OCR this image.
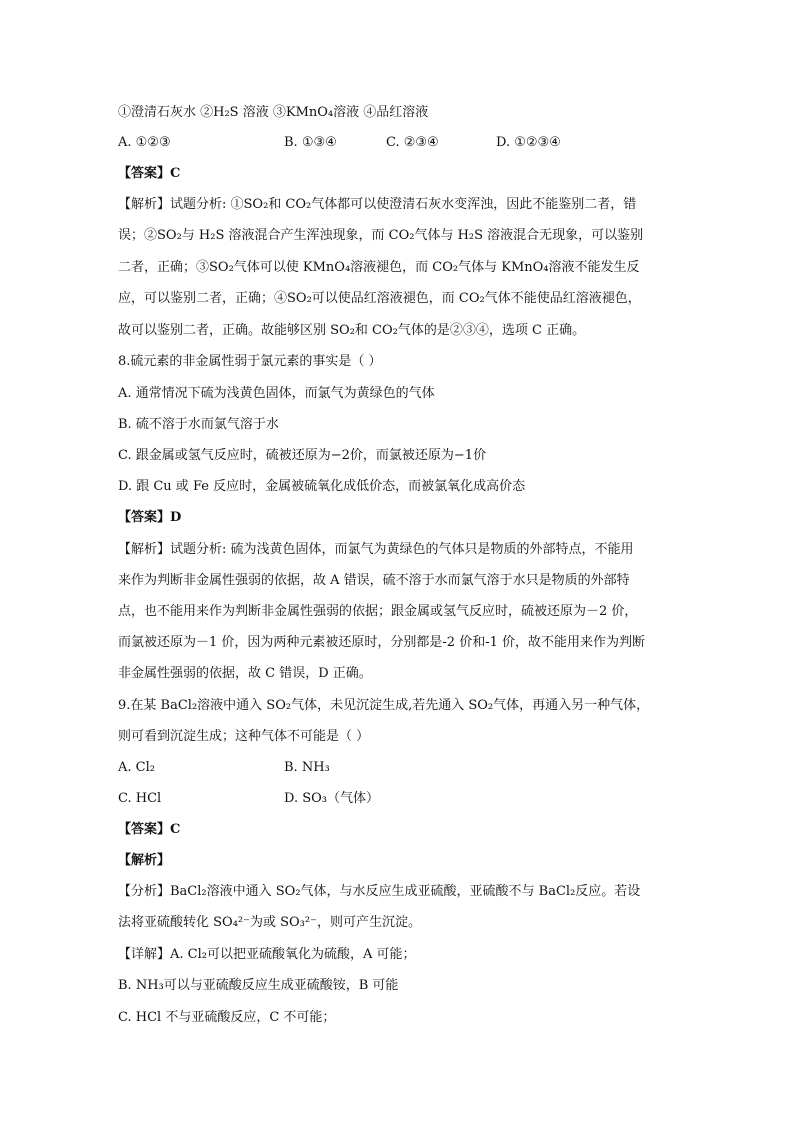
①澄清石灰水 ②H₂S 溶液 ③KMnO₄溶液 ④品红溶液
A. ①②③	B. ①③④	C. ②③④	D. ①②③④
【答案】C
【解析】试题分析: ①SO₂和 CO₂气体都可以使澄清石灰水变浑浊，因此不能鉴别二者，错
误；②SO₂与 H₂S 溶液混合产生浑浊现象，而 CO₂气体与 H₂S 溶液混合无现象，可以鉴别
二者，正确；③SO₂气体可以使 KMnO₄溶液褪色，而 CO₂气体与 KMnO₄溶液不能发生反
应，可以鉴别二者，正确；④SO₂可以使品红溶液褪色，而 CO₂气体不能使品红溶液褪色，
故可以鉴别二者，正确。故能够区别 SO₂和 CO₂气体的是②③④，选项 C 正确。
8.硫元素的非金属性弱于氯元素的事实是（ ）
A. 通常情况下硫为浅黄色固体，而氯气为黄绿色的气体
B. 硫不溶于水而氯气溶于水
C. 跟金属或氢气反应时，硫被还原为−2价，而氯被还原为−1价
D. 跟 Cu 或 Fe 反应时，金属被硫氧化成低价态，而被氯氧化成高价态
【答案】D
【解析】试题分析: 硫为浅黄色固体，而氯气为黄绿色的气体只是物质的外部特点，不能用
来作为判断非金属性强弱的依据，故 A 错误，硫不溶于水而氯气溶于水只是物质的外部特
点，也不能用来作为判断非金属性强弱的依据；跟金属或氢气反应时，硫被还原为－2 价，
而氯被还原为－1 价，因为两种元素被还原时，分别都是-2 价和-1 价，故不能用来作为判断
非金属性强弱的依据，故 C 错误，D 正确。
9.在某 BaCl₂溶液中通入 SO₂气体，未见沉淀生成,若先通入 SO₂气体，再通入另一种气体，
则可看到沉淀生成；这种气体不可能是（ ）
A. Cl₂	B. NH₃
C. HCl	D. SO₃（气体）
【答案】C
【解析】
【分析】BaCl₂溶液中通入 SO₂气体，与水反应生成亚硫酸，亚硫酸不与 BaCl₂反应。若设
法将亚硫酸转化 SO₄²⁻为或 SO₃²⁻，则可产生沉淀。
【详解】A. Cl₂可以把亚硫酸氧化为硫酸，A 可能；
B. NH₃可以与亚硫酸反应生成亚硫酸铵，B 可能
C. HCl 不与亚硫酸反应，C 不可能；
